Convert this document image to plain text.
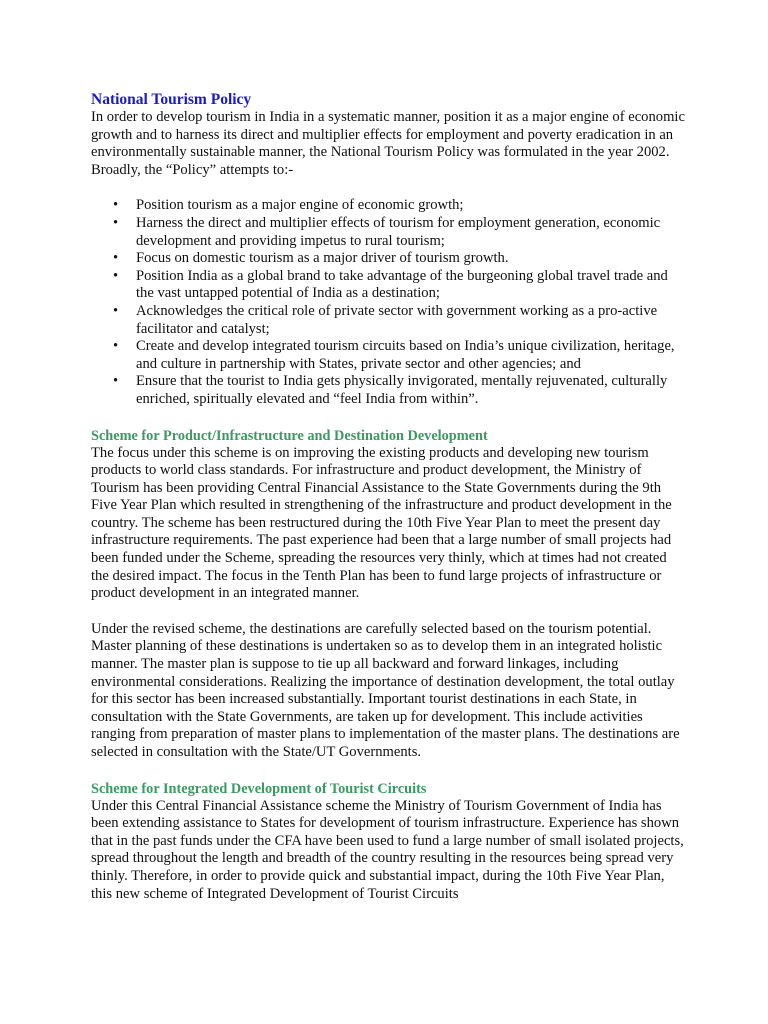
National Tourism Policy

In order to develop tourism in India in a systematic manner, position it as a major engine of economic growth and to harness its direct and multiplier effects for employment and poverty eradication in an environmentally sustainable manner, the National Tourism Policy was formulated in the year 2002. Broadly, the “Policy” attempts to:-

• Position tourism as a major engine of economic growth;
• Harness the direct and multiplier effects of tourism for employment generation, economic development and providing impetus to rural tourism;
• Focus on domestic tourism as a major driver of tourism growth.
• Position India as a global brand to take advantage of the burgeoning global travel trade and the vast untapped potential of India as a destination;
• Acknowledges the critical role of private sector with government working as a pro-active facilitator and catalyst;
• Create and develop integrated tourism circuits based on India’s unique civilization, heritage, and culture in partnership with States, private sector and other agencies; and
• Ensure that the tourist to India gets physically invigorated, mentally rejuvenated, culturally enriched, spiritually elevated and “feel India from within”.
Scheme for Product/Infrastructure and Destination Development

The focus under this scheme is on improving the existing products and developing new tourism products to world class standards. For infrastructure and product development, the Ministry of Tourism has been providing Central Financial Assistance to the State Governments during the 9th Five Year Plan which resulted in strengthening of the infrastructure and product development in the country. The scheme has been restructured during the 10th Five Year Plan to meet the present day infrastructure requirements. The past experience had been that a large number of small projects had been funded under the Scheme, spreading the resources very thinly, which at times had not created the desired impact. The focus in the Tenth Plan has been to fund large projects of infrastructure or product development in an integrated manner.

Under the revised scheme, the destinations are carefully selected based on the tourism potential. Master planning of these destinations is undertaken so as to develop them in an integrated holistic manner. The master plan is suppose to tie up all backward and forward linkages, including environmental considerations. Realizing the importance of destination development, the total outlay for this sector has been increased substantially. Important tourist destinations in each State, in consultation with the State Governments, are taken up for development. This include activities ranging from preparation of master plans to implementation of the master plans. The destinations are selected in consultation with the State/UT Governments.

Scheme for Integrated Development of Tourist Circuits

Under this Central Financial Assistance scheme the Ministry of Tourism Government of India has been extending assistance to States for development of tourism infrastructure. Experience has shown that in the past funds under the CFA have been used to fund a large number of small isolated projects, spread throughout the length and breadth of the country resulting in the resources being spread very thinly. Therefore, in order to provide quick and substantial impact, during the 10th Five Year Plan, this new scheme of Integrated Development of Tourist Circuits
